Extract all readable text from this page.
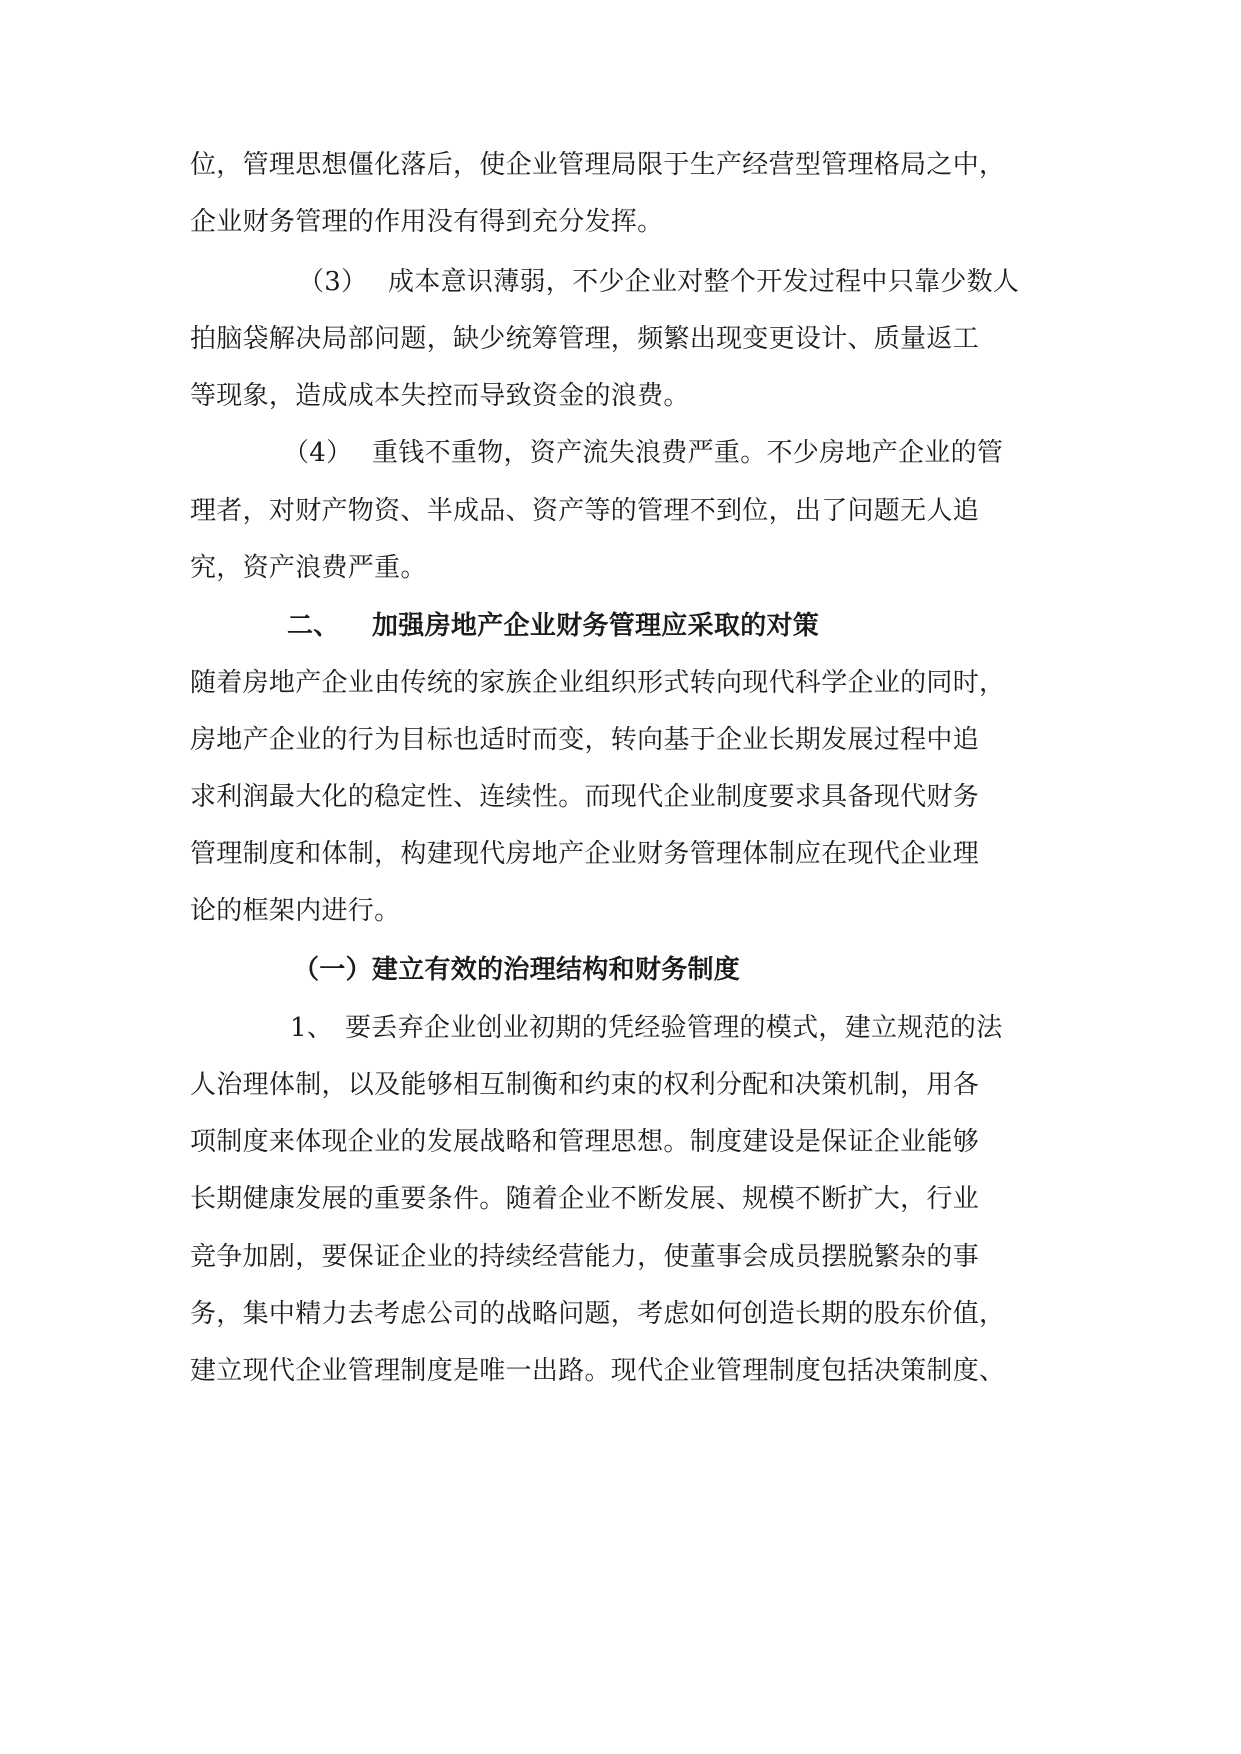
位，管理思想僵化落后，使企业管理局限于生产经营型管理格局之中，

企业财务管理的作用没有得到充分发挥。

（3） 成本意识薄弱，不少企业对整个开发过程中只靠少数人

拍脑袋解决局部问题，缺少统筹管理，频繁出现变更设计、质量返工

等现象，造成成本失控而导致资金的浪费。

（4） 重钱不重物，资产流失浪费严重。不少房地产企业的管

理者，对财产物资、半成品、资产等的管理不到位，出了问题无人追

究，资产浪费严重。

二、 加强房地产企业财务管理应采取的对策

随着房地产企业由传统的家族企业组织形式转向现代科学企业的同时，

房地产企业的行为目标也适时而变，转向基于企业长期发展过程中追

求利润最大化的稳定性、连续性。而现代企业制度要求具备现代财务

管理制度和体制，构建现代房地产企业财务管理体制应在现代企业理

论的框架内进行。

（一）建立有效的治理结构和财务制度

1、 要丢弃企业创业初期的凭经验管理的模式，建立规范的法

人治理体制，以及能够相互制衡和约束的权利分配和决策机制，用各

项制度来体现企业的发展战略和管理思想。制度建设是保证企业能够

长期健康发展的重要条件。随着企业不断发展、规模不断扩大，行业

竞争加剧，要保证企业的持续经营能力，使董事会成员摆脱繁杂的事

务，集中精力去考虑公司的战略问题，考虑如何创造长期的股东价值，

建立现代企业管理制度是唯一出路。现代企业管理制度包括决策制度、
